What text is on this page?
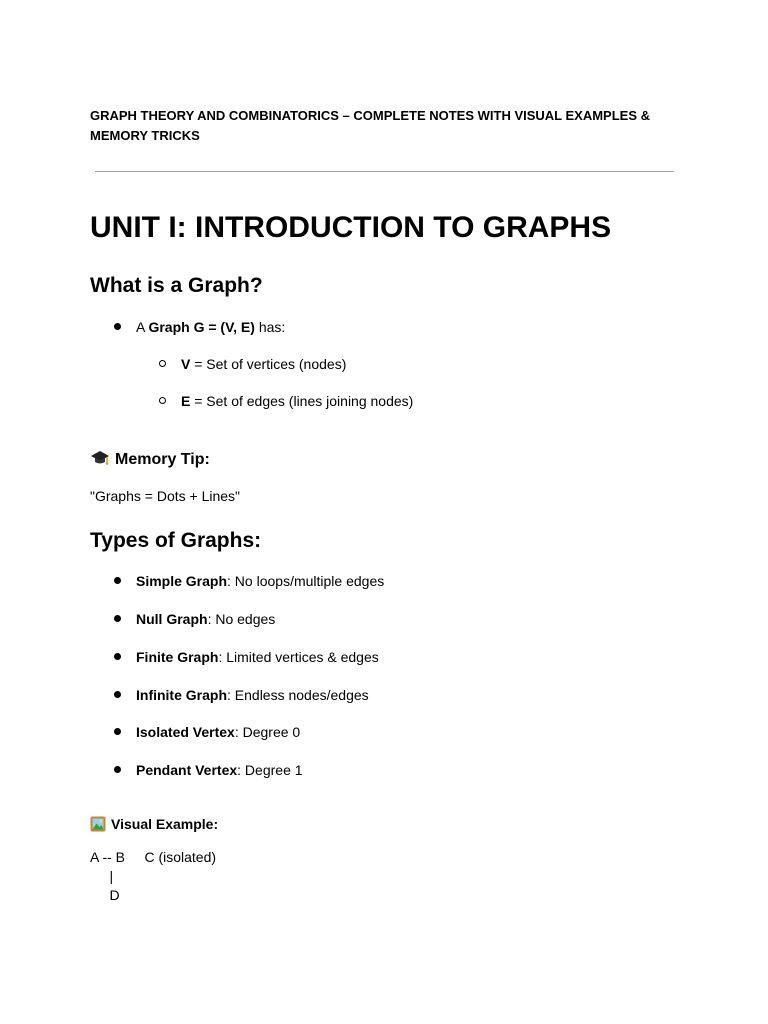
GRAPH THEORY AND COMBINATORICS – COMPLETE NOTES WITH VISUAL EXAMPLES & MEMORY TRICKS
UNIT I: INTRODUCTION TO GRAPHS
What is a Graph?
A Graph G = (V, E) has:
V = Set of vertices (nodes)
E = Set of edges (lines joining nodes)
Memory Tip:

"Graphs = Dots + Lines"

Types of Graphs:
Simple Graph: No loops/multiple edges
Null Graph: No edges
Finite Graph: Limited vertices & edges
Infinite Graph: Endless nodes/edges
Isolated Vertex: Degree 0
Pendant Vertex: Degree 1
Visual Example:
A -- B     C (isolated)
|
D
